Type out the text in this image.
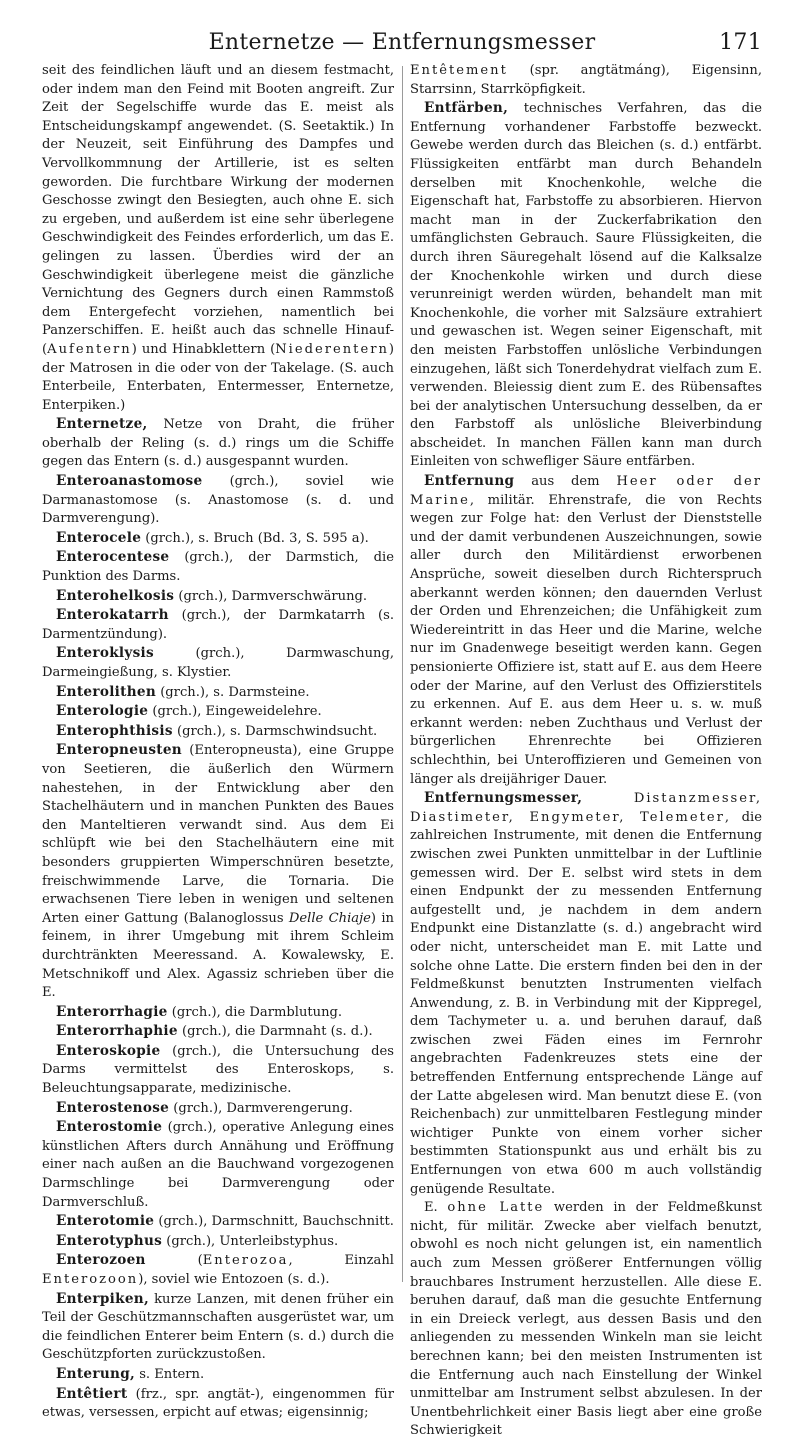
Enternetze — Entfernungsmesser	171

seit des feindlichen läuft und an diesem festmacht, oder indem man den Feind mit Booten angreift. Zur Zeit der Segelschiffe wurde das E. meist als Entscheidungskampf angewendet. (S. Seetaktik.) In der Neuzeit, seit Einführung des Dampfes und Vervollkommnung der Artillerie, ist es selten geworden. Die furchtbare Wirkung der modernen Geschosse zwingt den Besiegten, auch ohne E. sich zu ergeben, und außerdem ist eine sehr überlegene Geschwindigkeit des Feindes erforderlich, um das E. gelingen zu lassen. Überdies wird der an Geschwindigkeit überlegene meist die gänzliche Vernichtung des Gegners durch einen Rammstoß dem Entergefecht vorziehen, namentlich bei Panzerschiffen. E. heißt auch das schnelle Hinauf- (Aufentern) und Hinabklettern (Niederentern) der Matrosen in die oder von der Takelage. (S. auch Enterbeile, Enterbaten, Entermesser, Enternetze, Enterpiken.)

Enternetze, Netze von Draht, die früher oberhalb der Reling (s. d.) rings um die Schiffe gegen das Entern (s. d.) ausgespannt wurden.

Enteroanastomose (grch.), soviel wie Darmanastomose (s. Anastomose (s. d. und Darmverengung).

Enterocele (grch.), s. Bruch (Bd. 3, S. 595 a).

Enterocentese (grch.), der Darmstich, die Punktion des Darms.

Enterohelkosis (grch.), Darmverschwärung.

Enterokatarrh (grch.), der Darmkatarrh (s. Darmentzündung).

Enteroklysis (grch.), Darmwaschung, Darmeingießung, s. Klystier.

Enterolithen (grch.), s. Darmsteine.

Enterologie (grch.), Eingeweidelehre.

Enterophthisis (grch.), s. Darmschwindsucht.

Enteropneusten (Enteropneusta), eine Gruppe von Seetieren, die äußerlich den Würmern nahestehen, in der Entwicklung aber den Stachelhäutern und in manchen Punkten des Baues den Manteltieren verwandt sind. Aus dem Ei schlüpft wie bei den Stachelhäutern eine mit besonders gruppierten Wimperschnüren besetzte, freischwimmende Larve, die Tornaria. Die erwachsenen Tiere leben in wenigen und seltenen Arten einer Gattung (Balanoglossus Delle Chiaje) in feinem, in ihrer Umgebung mit ihrem Schleim durchtränkten Meeressand. A. Kowalewsky, E. Metschnikoff und Alex. Agassiz schrieben über die E.

Enterorrhagie (grch.), die Darmblutung.

Enterorrhaphie (grch.), die Darmnaht (s. d.).

Enteroskopie (grch.), die Untersuchung des Darms vermittelst des Enteroskops, s. Beleuchtungsapparate, medizinische.

Enterostenose (grch.), Darmverengerung.

Enterostomie (grch.), operative Anlegung eines künstlichen Afters durch Annähung und Eröffnung einer nach außen an die Bauchwand vorgezogenen Darmschlinge bei Darmverengung oder Darmverschluß.

Enterotomie (grch.), Darmschnitt, Bauchschnitt.

Enterotyphus (grch.), Unterleibstyphus.

Enterozoen (Enterozoa, Einzahl Enterozoon), soviel wie Entozoen (s. d.).

Enterpiken, kurze Lanzen, mit denen früher ein Teil der Geschützmannschaften ausgerüstet war, um die feindlichen Enterer beim Entern (s. d.) durch die Geschützpforten zurückzustoßen.

Enterung, s. Entern.

Entêtiert (frz., spr. angtät-), eingenommen für etwas, versessen, erpicht auf etwas; eigensinnig;

Entêtement (spr. angtätmáng), Eigensinn, Starrsinn, Starrköpfigkeit.

Entfärben, technisches Verfahren, das die Entfernung vorhandener Farbstoffe bezweckt. Gewebe werden durch das Bleichen (s. d.) entfärbt. Flüssigkeiten entfärbt man durch Behandeln derselben mit Knochenkohle, welche die Eigenschaft hat, Farbstoffe zu absorbieren. Hiervon macht man in der Zuckerfabrikation den umfänglichsten Gebrauch. Saure Flüssigkeiten, die durch ihren Säuregehalt lösend auf die Kalksalze der Knochenkohle wirken und durch diese verunreinigt werden würden, behandelt man mit Knochenkohle, die vorher mit Salzsäure extrahiert und gewaschen ist. Wegen seiner Eigenschaft, mit den meisten Farbstoffen unlösliche Verbindungen einzugehen, läßt sich Tonerdehydrat vielfach zum E. verwenden. Bleiessig dient zum E. des Rübensaftes bei der analytischen Untersuchung desselben, da er den Farbstoff als unlösliche Bleiverbindung abscheidet. In manchen Fällen kann man durch Einleiten von schwefliger Säure entfärben.

Entfernung aus dem Heer oder der Marine, militär. Ehrenstrafe, die von Rechts wegen zur Folge hat: den Verlust der Dienststelle und der damit verbundenen Auszeichnungen, sowie aller durch den Militärdienst erworbenen Ansprüche, soweit dieselben durch Richterspruch aberkannt werden können; den dauernden Verlust der Orden und Ehrenzeichen; die Unfähigkeit zum Wiedereintritt in das Heer und die Marine, welche nur im Gnadenwege beseitigt werden kann. Gegen pensionierte Offiziere ist, statt auf E. aus dem Heere oder der Marine, auf den Verlust des Offizierstitels zu erkennen. Auf E. aus dem Heer u. s. w. muß erkannt werden: neben Zuchthaus und Verlust der bürgerlichen Ehrenrechte bei Offizieren schlechthin, bei Unteroffizieren und Gemeinen von länger als dreijähriger Dauer.

Entfernungsmesser, Distanzmesser, Diastimeter, Engymeter, Telemeter, die zahlreichen Instrumente, mit denen die Entfernung zwischen zwei Punkten unmittelbar in der Luftlinie gemessen wird. Der E. selbst wird stets in dem einen Endpunkt der zu messenden Entfernung aufgestellt und, je nachdem in dem andern Endpunkt eine Distanzlatte (s. d.) angebracht wird oder nicht, unterscheidet man E. mit Latte und solche ohne Latte. Die erstern finden bei den in der Feldmeßkunst benutzten Instrumenten vielfach Anwendung, z. B. in Verbindung mit der Kippregel, dem Tachymeter u. a. und beruhen darauf, daß zwischen zwei Fäden eines im Fernrohr angebrachten Fadenkreuzes stets eine der betreffenden Entfernung entsprechende Länge auf der Latte abgelesen wird. Man benutzt diese E. (von Reichenbach) zur unmittelbaren Festlegung minder wichtiger Punkte von einem vorher sicher bestimmten Stationspunkt aus und erhält bis zu Entfernungen von etwa 600 m auch vollständig genügende Resultate.

E. ohne Latte werden in der Feldmeßkunst nicht, für militär. Zwecke aber vielfach benutzt, obwohl es noch nicht gelungen ist, ein namentlich auch zum Messen größerer Entfernungen völlig brauchbares Instrument herzustellen. Alle diese E. beruhen darauf, daß man die gesuchte Entfernung in ein Dreieck verlegt, aus dessen Basis und den anliegenden zu messenden Winkeln man sie leicht berechnen kann; bei den meisten Instrumenten ist die Entfernung auch nach Einstellung der Winkel unmittelbar am Instrument selbst abzulesen. In der Unentbehrlichkeit einer Basis liegt aber eine große Schwierigkeit
